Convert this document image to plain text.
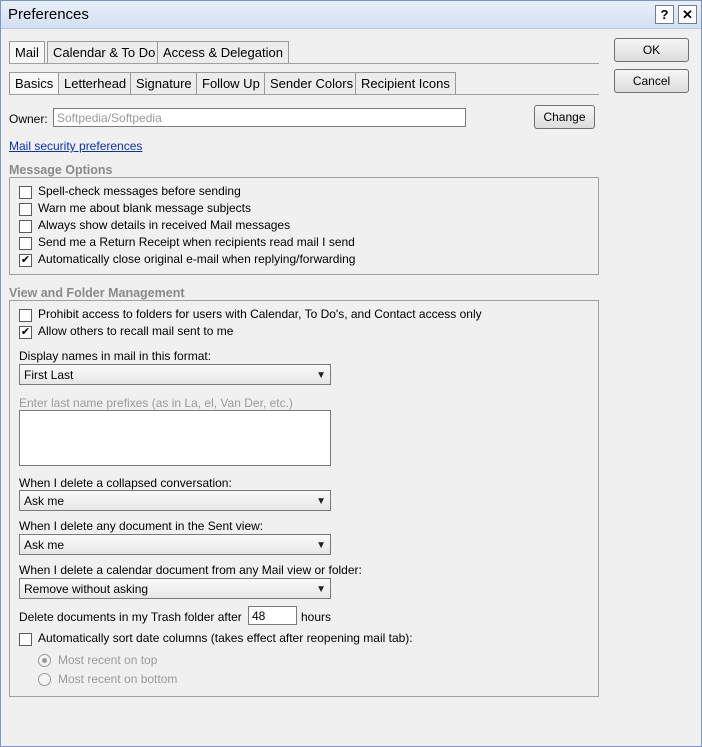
Preferences	?	✕
Mail	Calendar & To Do Access & Delegation
Basics Letterhead Signature Follow Up Sender Colors Recipient Icons
OK
Cancel
Owner: Softpedia/Softpedia	Change
Mail security preferences
Message Options
Spell-check messages before sending
Warn me about blank message subjects
Always show details in received Mail messages
Send me a Return Receipt when recipients read mail I send
✔ Automatically close original e-mail when replying/forwarding
View and Folder Management
Prohibit access to folders for users with Calendar, To Do's, and Contact access only
✔ Allow others to recall mail sent to me
Display names in mail in this format:
First Last	▼
Enter last name prefixes (as in La, el, Van Der, etc.)
When I delete a collapsed conversation:
Ask me	▼
When I delete any document in the Sent view:
Ask me	▼
When I delete a calendar document from any Mail view or folder:
Remove without asking	▼
Delete documents in my Trash folder after 48	hours
Automatically sort date columns (takes effect after reopening mail tab):
Most recent on top
Most recent on bottom
